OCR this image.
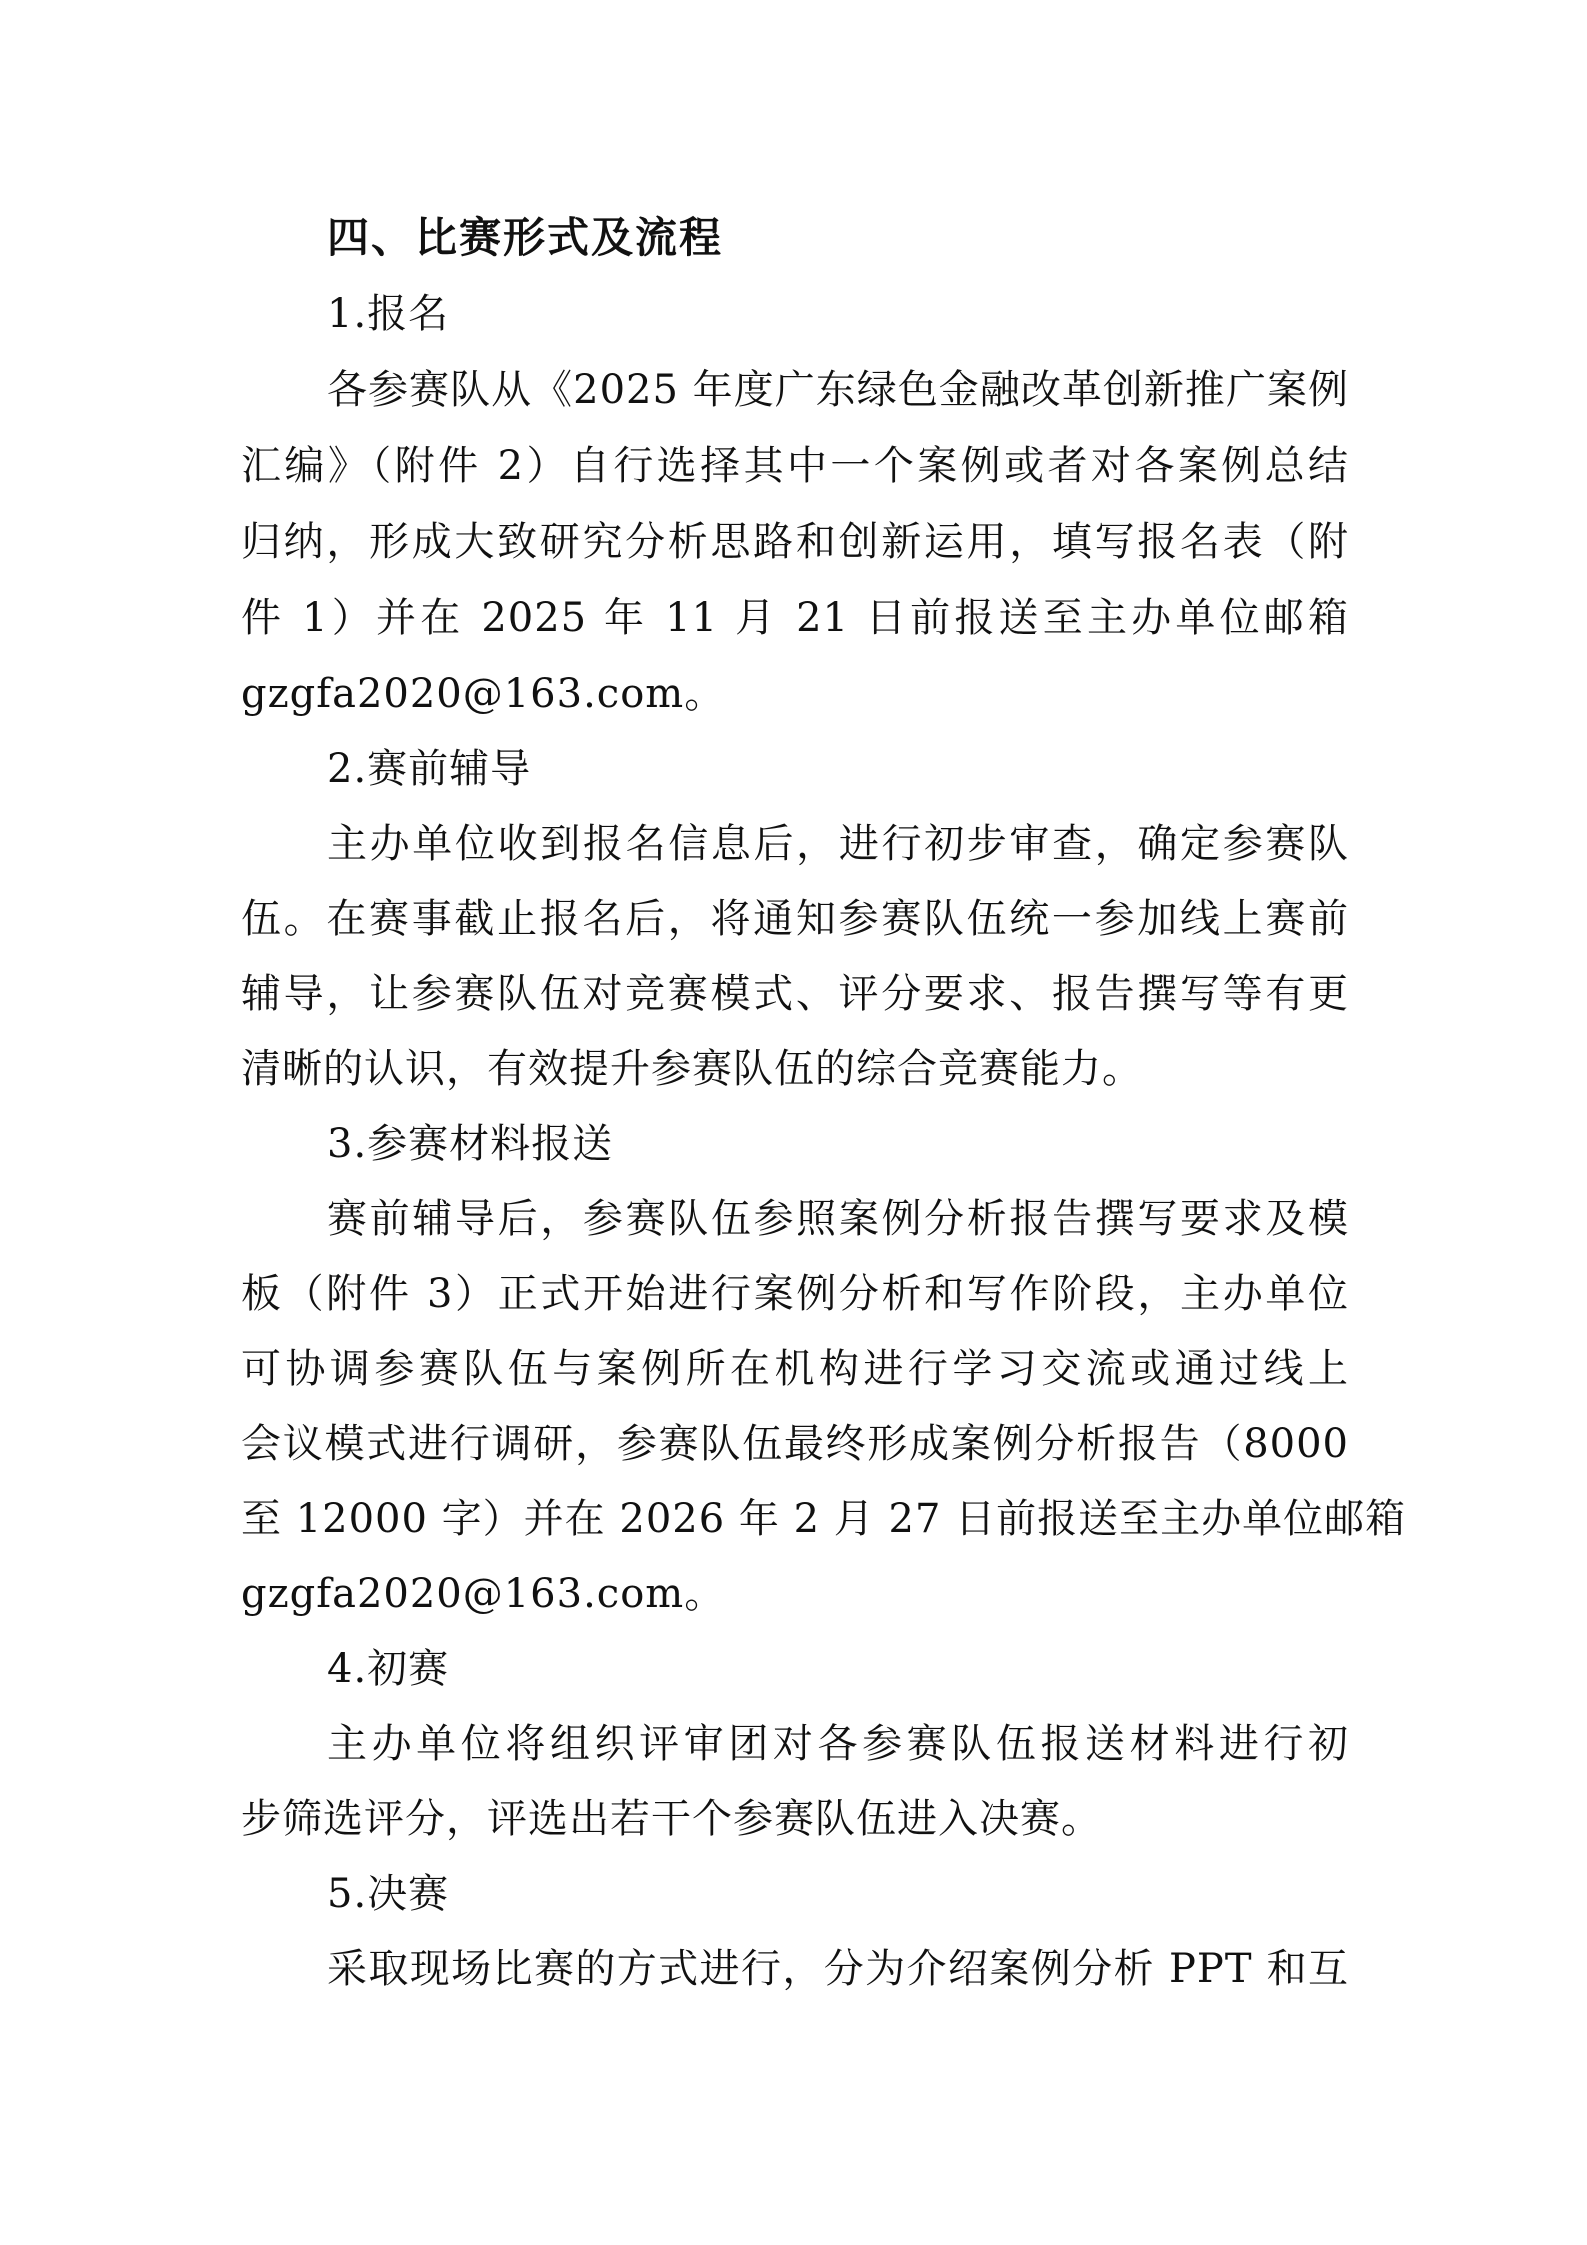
四、比赛形式及流程
1.报名
各参赛队从《2025 年度广东绿色金融改革创新推广案例
汇编》（附件 2）自行选择其中一个案例或者对各案例总结
归纳，形成大致研究分析思路和创新运用，填写报名表（附
件 1）并在 2025 年 11 月 21 日前报送至主办单位邮箱
gzgfa2020@163.com。
2.赛前辅导
主办单位收到报名信息后，进行初步审查，确定参赛队
伍。在赛事截止报名后，将通知参赛队伍统一参加线上赛前
辅导，让参赛队伍对竞赛模式、评分要求、报告撰写等有更
清晰的认识，有效提升参赛队伍的综合竞赛能力。
3.参赛材料报送
赛前辅导后，参赛队伍参照案例分析报告撰写要求及模
板（附件 3）正式开始进行案例分析和写作阶段，主办单位
可协调参赛队伍与案例所在机构进行学习交流或通过线上
会议模式进行调研，参赛队伍最终形成案例分析报告（8000
至 12000 字）并在 2026 年 2 月 27 日前报送至主办单位邮箱
gzgfa2020@163.com。
4.初赛
主办单位将组织评审团对各参赛队伍报送材料进行初
步筛选评分，评选出若干个参赛队伍进入决赛。
5.决赛
采取现场比赛的方式进行，分为介绍案例分析 PPT 和互
